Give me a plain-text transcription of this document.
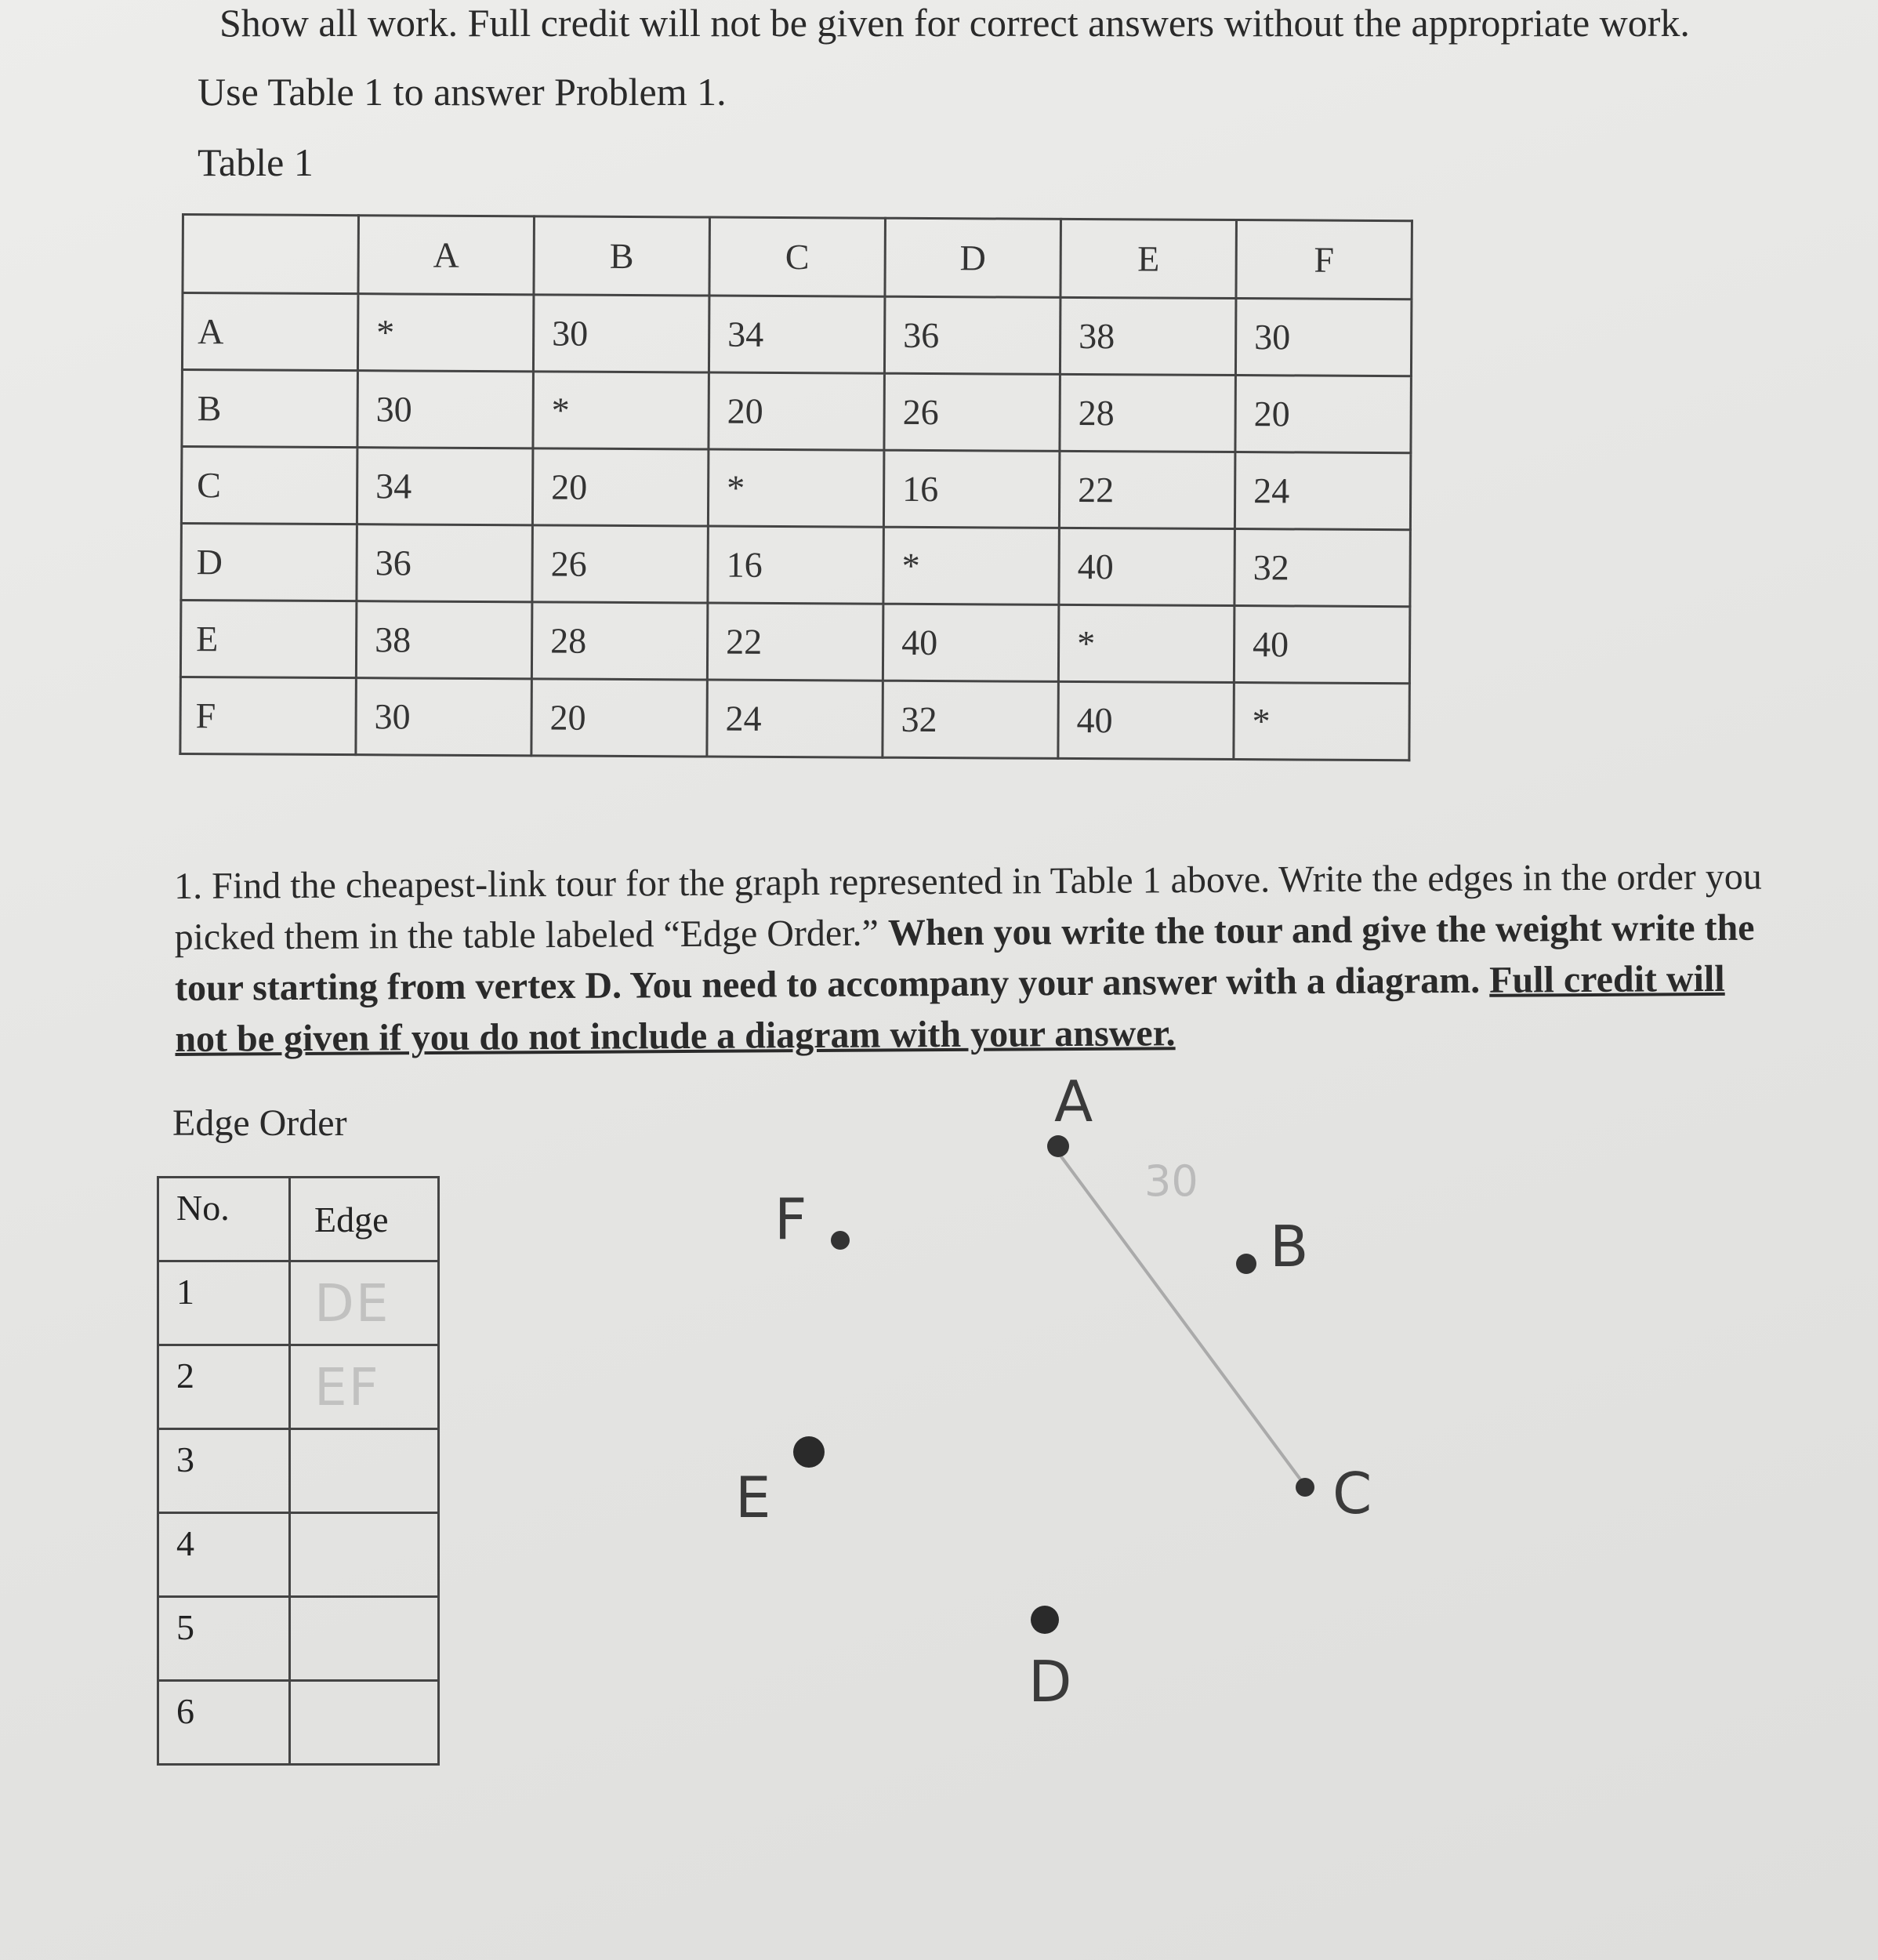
Show all work. Full credit will not be given for correct answers without the appropriate work.
Use Table 1 to answer Problem 1.
Table 1
	A	B	C	D	E	F
A	*	30	34	36	38	30
B	30	*	20	26	28	20
C	34	20	*	16	22	24
D	36	26	16	*	40	32
E	38	28	22	40	*	40
F	30	20	24	32	40	*
1. Find the cheapest-link tour for the graph represented in Table 1 above. Write the edges in the order you picked them in the table labeled “Edge Order.” When you write the tour and give the weight write the tour starting from vertex D. You need to accompany your answer with a diagram. Full credit will not be given if you do not include a diagram with your answer.
Edge Order
No.	Edge
1	DE
2	EF
3	
4	
5	
6	
30
A
B
C
D
E
F
